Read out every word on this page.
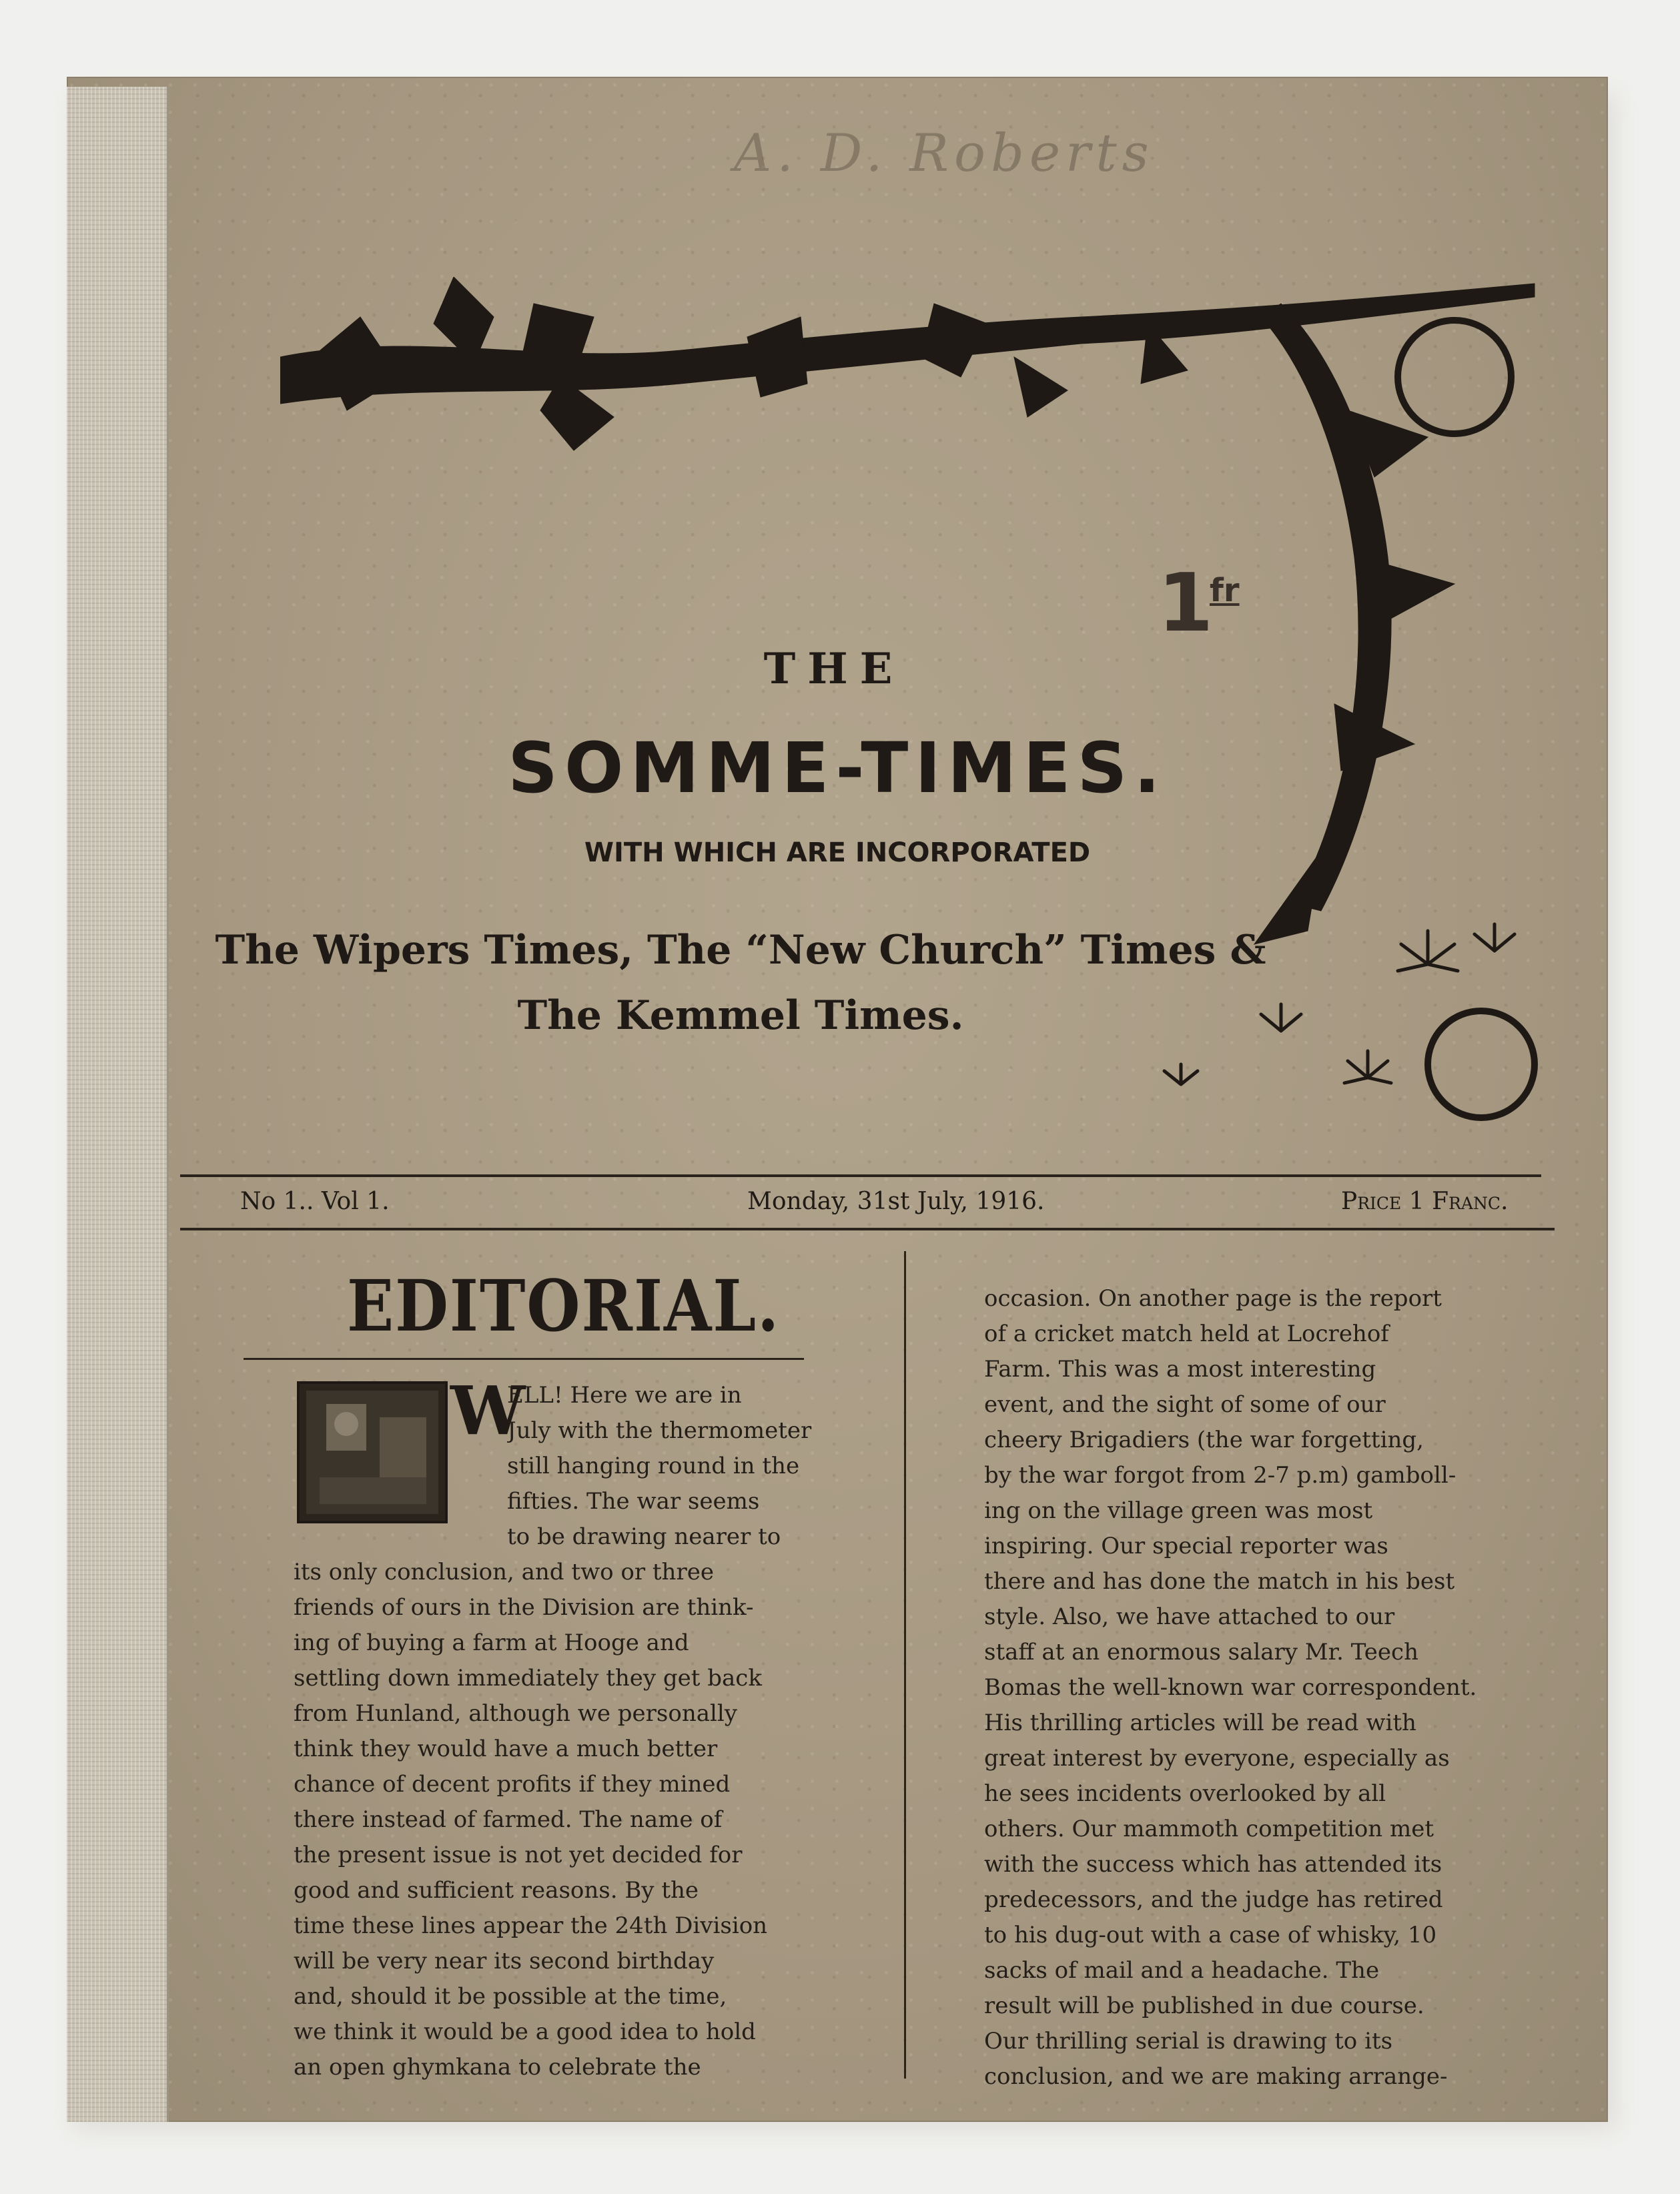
A. D. Roberts
1
fr
THE
SOMME-TIMES.
WITH WHICH ARE INCORPORATED
The Wipers Times, The “New Church” Times &
The Kemmel Times.
No 1.. Vol 1.	Monday, 31st July, 1916.	Price 1 Franc.
EDITORIAL.
W
ELL! Here we are in
July with the thermometer
still hanging round in the
fifties. The war seems
to be drawing nearer to
its only conclusion, and two or three
friends of ours in the Division are think-
ing of buying a farm at Hooge and
settling down immediately they get back
from Hunland, although we personally
think they would have a much better
chance of decent profits if they mined
there instead of farmed. The name of
the present issue is not yet decided for
good and sufficient reasons. By the
time these lines appear the 24th Division
will be very near its second birthday
and, should it be possible at the time,
we think it would be a good idea to hold
an open ghymkana to celebrate the
occasion. On another page is the report
of a cricket match held at Locrehof
Farm. This was a most interesting
event, and the sight of some of our
cheery Brigadiers (the war forgetting,
by the war forgot from 2-7 p.m) gamboll-
ing on the village green was most
inspiring. Our special reporter was
there and has done the match in his best
style. Also, we have attached to our
staff at an enormous salary Mr. Teech
Bomas the well-known war correspondent.
His thrilling articles will be read with
great interest by everyone, especially as
he sees incidents overlooked by all
others. Our mammoth competition met
with the success which has attended its
predecessors, and the judge has retired
to his dug-out with a case of whisky, 10
sacks of mail and a headache. The
result will be published in due course.
Our thrilling serial is drawing to its
conclusion, and we are making arrange-
